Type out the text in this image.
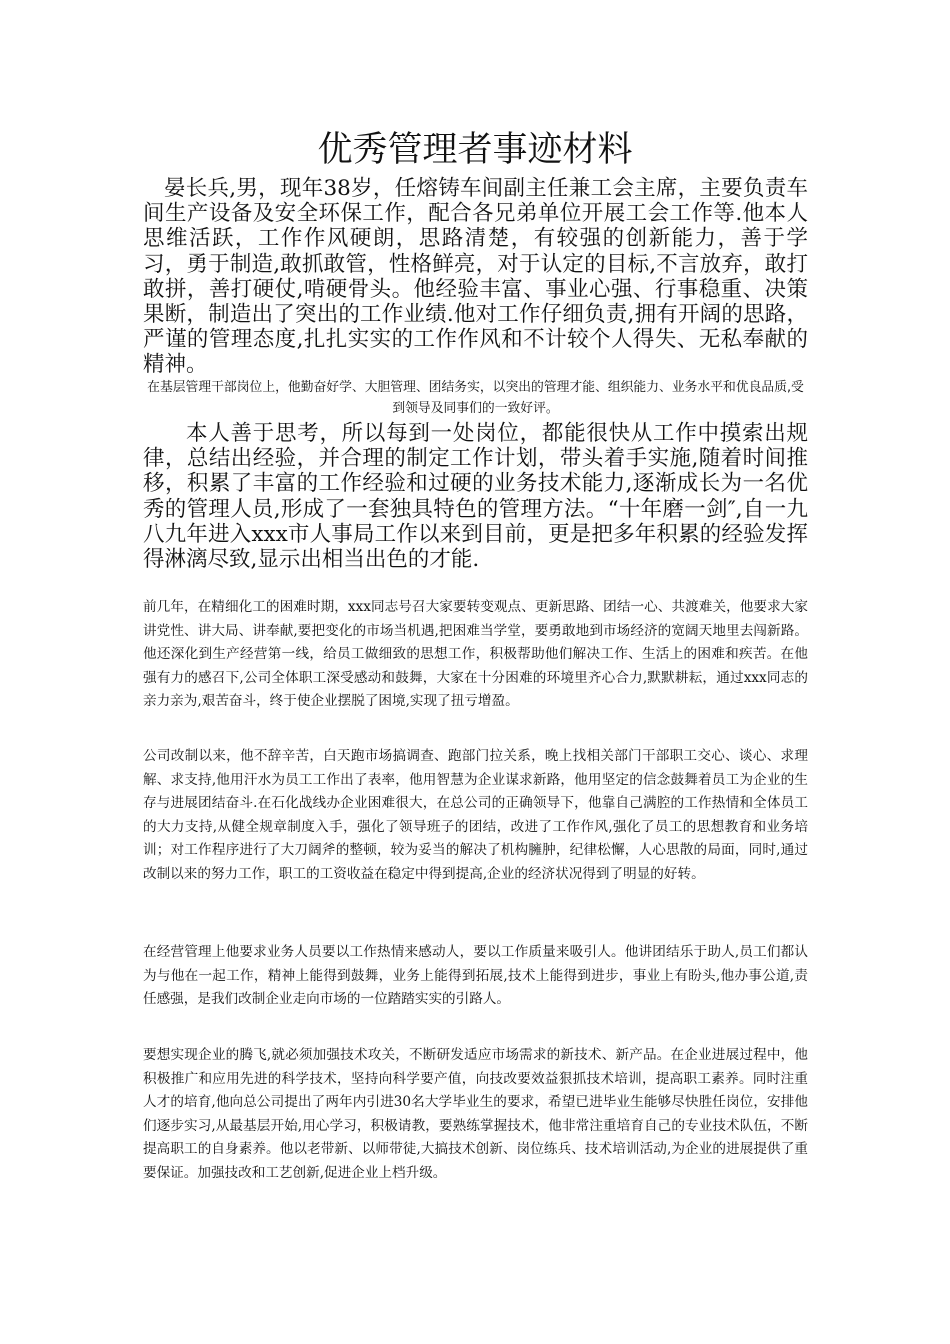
优秀管理者事迹材料

晏长兵,男，现年38岁，任熔铸车间副主任兼工会主席，主要负责车间生产设备及安全环保工作，配合各兄弟单位开展工会工作等.他本人思维活跃，工作作风硬朗，思路清楚，有较强的创新能力，善于学习，勇于制造,敢抓敢管，性格鲜亮，对于认定的目标,不言放弃，敢打敢拼，善打硬仗,啃硬骨头。他经验丰富、事业心强、行事稳重、决策果断，制造出了突出的工作业绩.他对工作仔细负责,拥有开阔的思路，严谨的管理态度,扎扎实实的工作作风和不计较个人得失、无私奉献的精神。

在基层管理干部岗位上，他勤奋好学、大胆管理、团结务实，以突出的管理才能、组织能力、业务水平和优良品质,受到领导及同事们的一致好评。

本人善于思考，所以每到一处岗位，都能很快从工作中摸索出规律，总结出经验，并合理的制定工作计划，带头着手实施,随着时间推移，积累了丰富的工作经验和过硬的业务技术能力,逐渐成长为一名优秀的管理人员,形成了一套独具特色的管理方法。“十年磨一剑″,自一九八九年进入xxx市人事局工作以来到目前，更是把多年积累的经验发挥得淋漓尽致,显示出相当出色的才能.

前几年，在精细化工的困难时期，xxx同志号召大家要转变观点、更新思路、团结一心、共渡难关，他要求大家讲党性、讲大局、讲奉献,要把变化的市场当机遇,把困难当学堂，要勇敢地到市场经济的宽阔天地里去闯新路。他还深化到生产经营第一线，给员工做细致的思想工作，积极帮助他们解决工作、生活上的困难和疾苦。在他强有力的感召下,公司全体职工深受感动和鼓舞，大家在十分困难的环境里齐心合力,默默耕耘，通过xxx同志的亲力亲为,艰苦奋斗，终于使企业摆脱了困境,实现了扭亏增盈。

公司改制以来，他不辞辛苦，白天跑市场搞调查、跑部门拉关系，晚上找相关部门干部职工交心、谈心、求理解、求支持,他用汗水为员工工作出了表率，他用智慧为企业谋求新路，他用坚定的信念鼓舞着员工为企业的生存与进展团结奋斗.在石化战线办企业困难很大，在总公司的正确领导下，他靠自己满腔的工作热情和全体员工的大力支持,从健全规章制度入手，强化了领导班子的团结，改进了工作作风,强化了员工的思想教育和业务培训；对工作程序进行了大刀阔斧的整顿，较为妥当的解决了机构臃肿，纪律松懈，人心思散的局面，同时,通过改制以来的努力工作，职工的工资收益在稳定中得到提高,企业的经济状况得到了明显的好转。

在经营管理上他要求业务人员要以工作热情来感动人，要以工作质量来吸引人。他讲团结乐于助人,员工们都认为与他在一起工作，精神上能得到鼓舞，业务上能得到拓展,技术上能得到进步，事业上有盼头,他办事公道,责任感强，是我们改制企业走向市场的一位踏踏实实的引路人。

要想实现企业的腾飞,就必须加强技术攻关，不断研发适应市场需求的新技术、新产品。在企业进展过程中，他积极推广和应用先进的科学技术，坚持向科学要产值，向技改要效益狠抓技术培训，提高职工素养。同时注重人才的培育,他向总公司提出了两年内引进30名大学毕业生的要求，希望已进毕业生能够尽快胜任岗位，安排他们逐步实习,从最基层开始,用心学习，积极请教，要熟练掌握技术，他非常注重培育自己的专业技术队伍，不断提高职工的自身素养。他以老带新、以师带徒,大搞技术创新、岗位练兵、技术培训活动,为企业的进展提供了重要保证。加强技改和工艺创新,促进企业上档升级。
